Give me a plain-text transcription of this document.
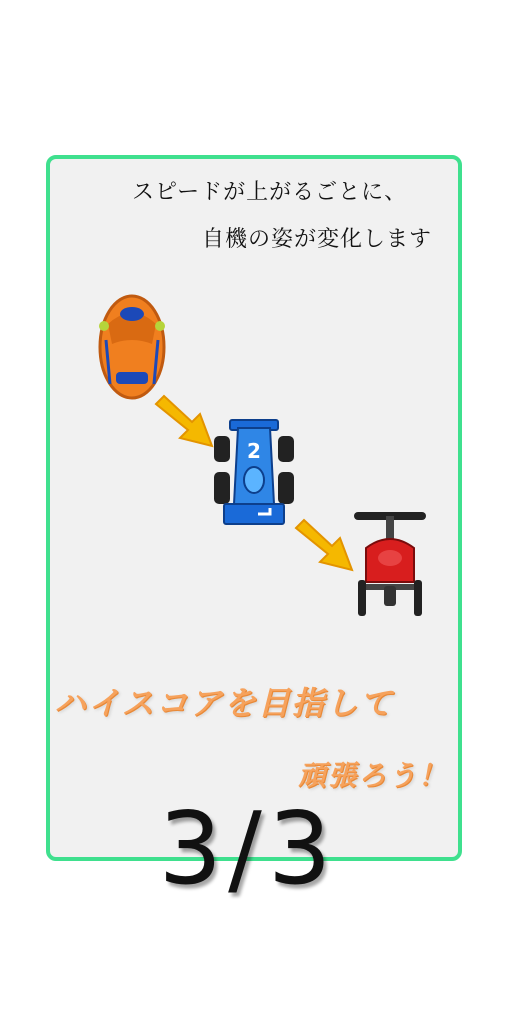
スピードが上がるごとに、
自機の姿が変化します
2
ハイスコアを目指して
頑張ろう！
3/3
